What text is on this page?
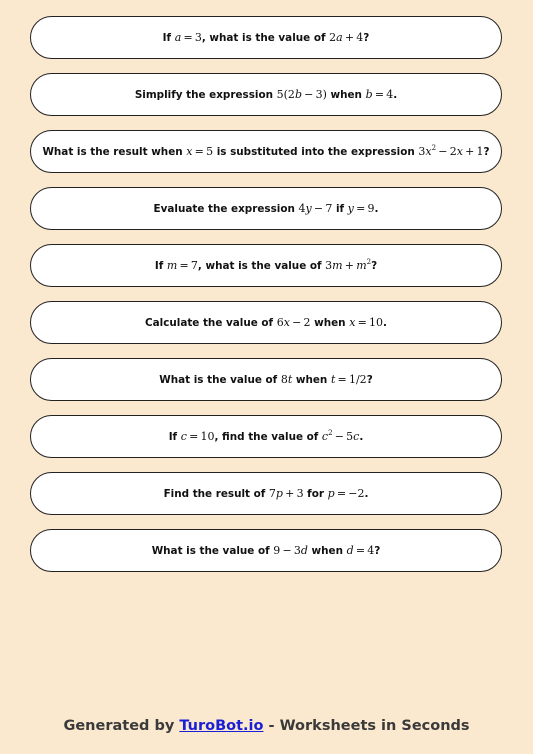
If a = 3, what is the value of 2a + 4?
Simplify the expression 5(2b − 3) when b = 4.
What is the result when x = 5 is substituted into the expression $3x^2 - 2x + 1$?
Evaluate the expression 4y − 7 if y = 9.
If m = 7, what is the value of $3m + m^2$?
Calculate the value of 6x − 2 when x = 10.
What is the value of 8t when t = 1/2?
If c = 10, find the value of $c^2 - 5c$.
Find the result of 7p + 3 for p = −2.
What is the value of 9 − 3d when d = 4?
Generated by TuroBot.io - Worksheets in Seconds
